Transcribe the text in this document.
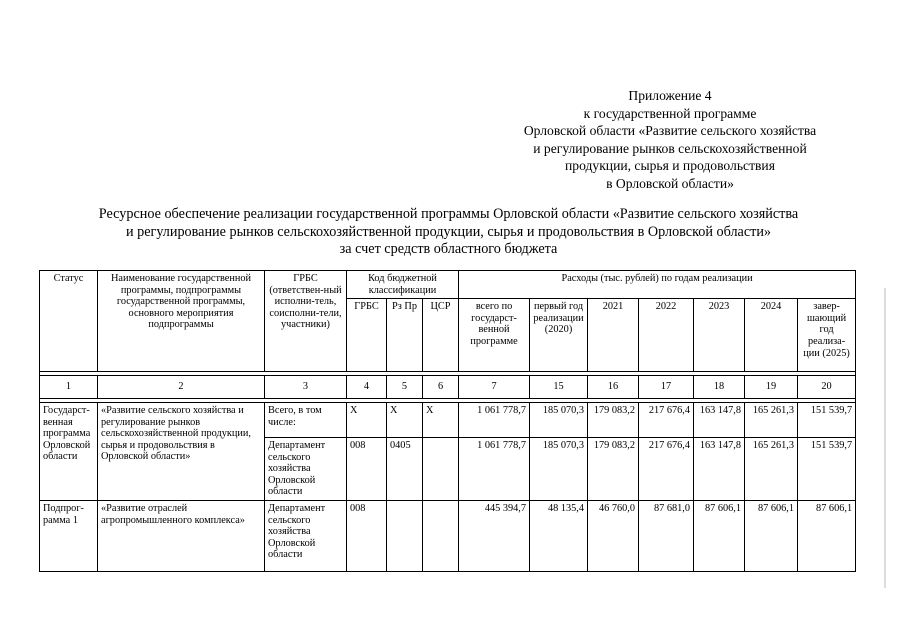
Приложение 4
к государственной программе
Орловской области «Развитие сельского хозяйства
и регулирование рынков сельскохозяйственной
продукции, сырья и продовольствия
в Орловской области»
Ресурсное обеспечение реализации государственной программы Орловской области «Развитие сельского хозяйства
и регулирование рынков сельскохозяйственной продукции, сырья и продовольствия в Орловской области»
за счет средств областного бюджета
Статус	Наименование государственной программы, подпрограммы государственной программы, основного мероприятия подпрограммы	ГРБС (ответствен-ный исполни-тель, соисполни-тели, участники)	Код бюджетной классификации			Расходы (тыс. рублей) по годам реализации						
			ГРБС	Рз Пр	ЦСР	всего по государст-венной программе	первый год реализации (2020)	2021	2022	2023	2024	завер-шающий год реализа-ции (2025)

1	2	3	4	5	6	7	15	16	17	18	19	20

Государст-венная программа Орловской области	«Развитие сельского хозяйства и регулирование рынков сельскохозяйственной продукции, сырья и продовольствия в Орловской области»	Всего, в том числе:	Х	Х	Х	1 061 778,7	185 070,3	179 083,2	217 676,4	163 147,8	165 261,3	151 539,7
		Департамент сельского хозяйства Орловской области	008	0405		1 061 778,7	185 070,3	179 083,2	217 676,4	163 147,8	165 261,3	151 539,7
Подпрог-рамма 1	«Развитие отраслей агропромышленного комплекса»	Департамент сельского хозяйства Орловской области	008			445 394,7	48 135,4	46 760,0	87 681,0	87 606,1	87 606,1	87 606,1
